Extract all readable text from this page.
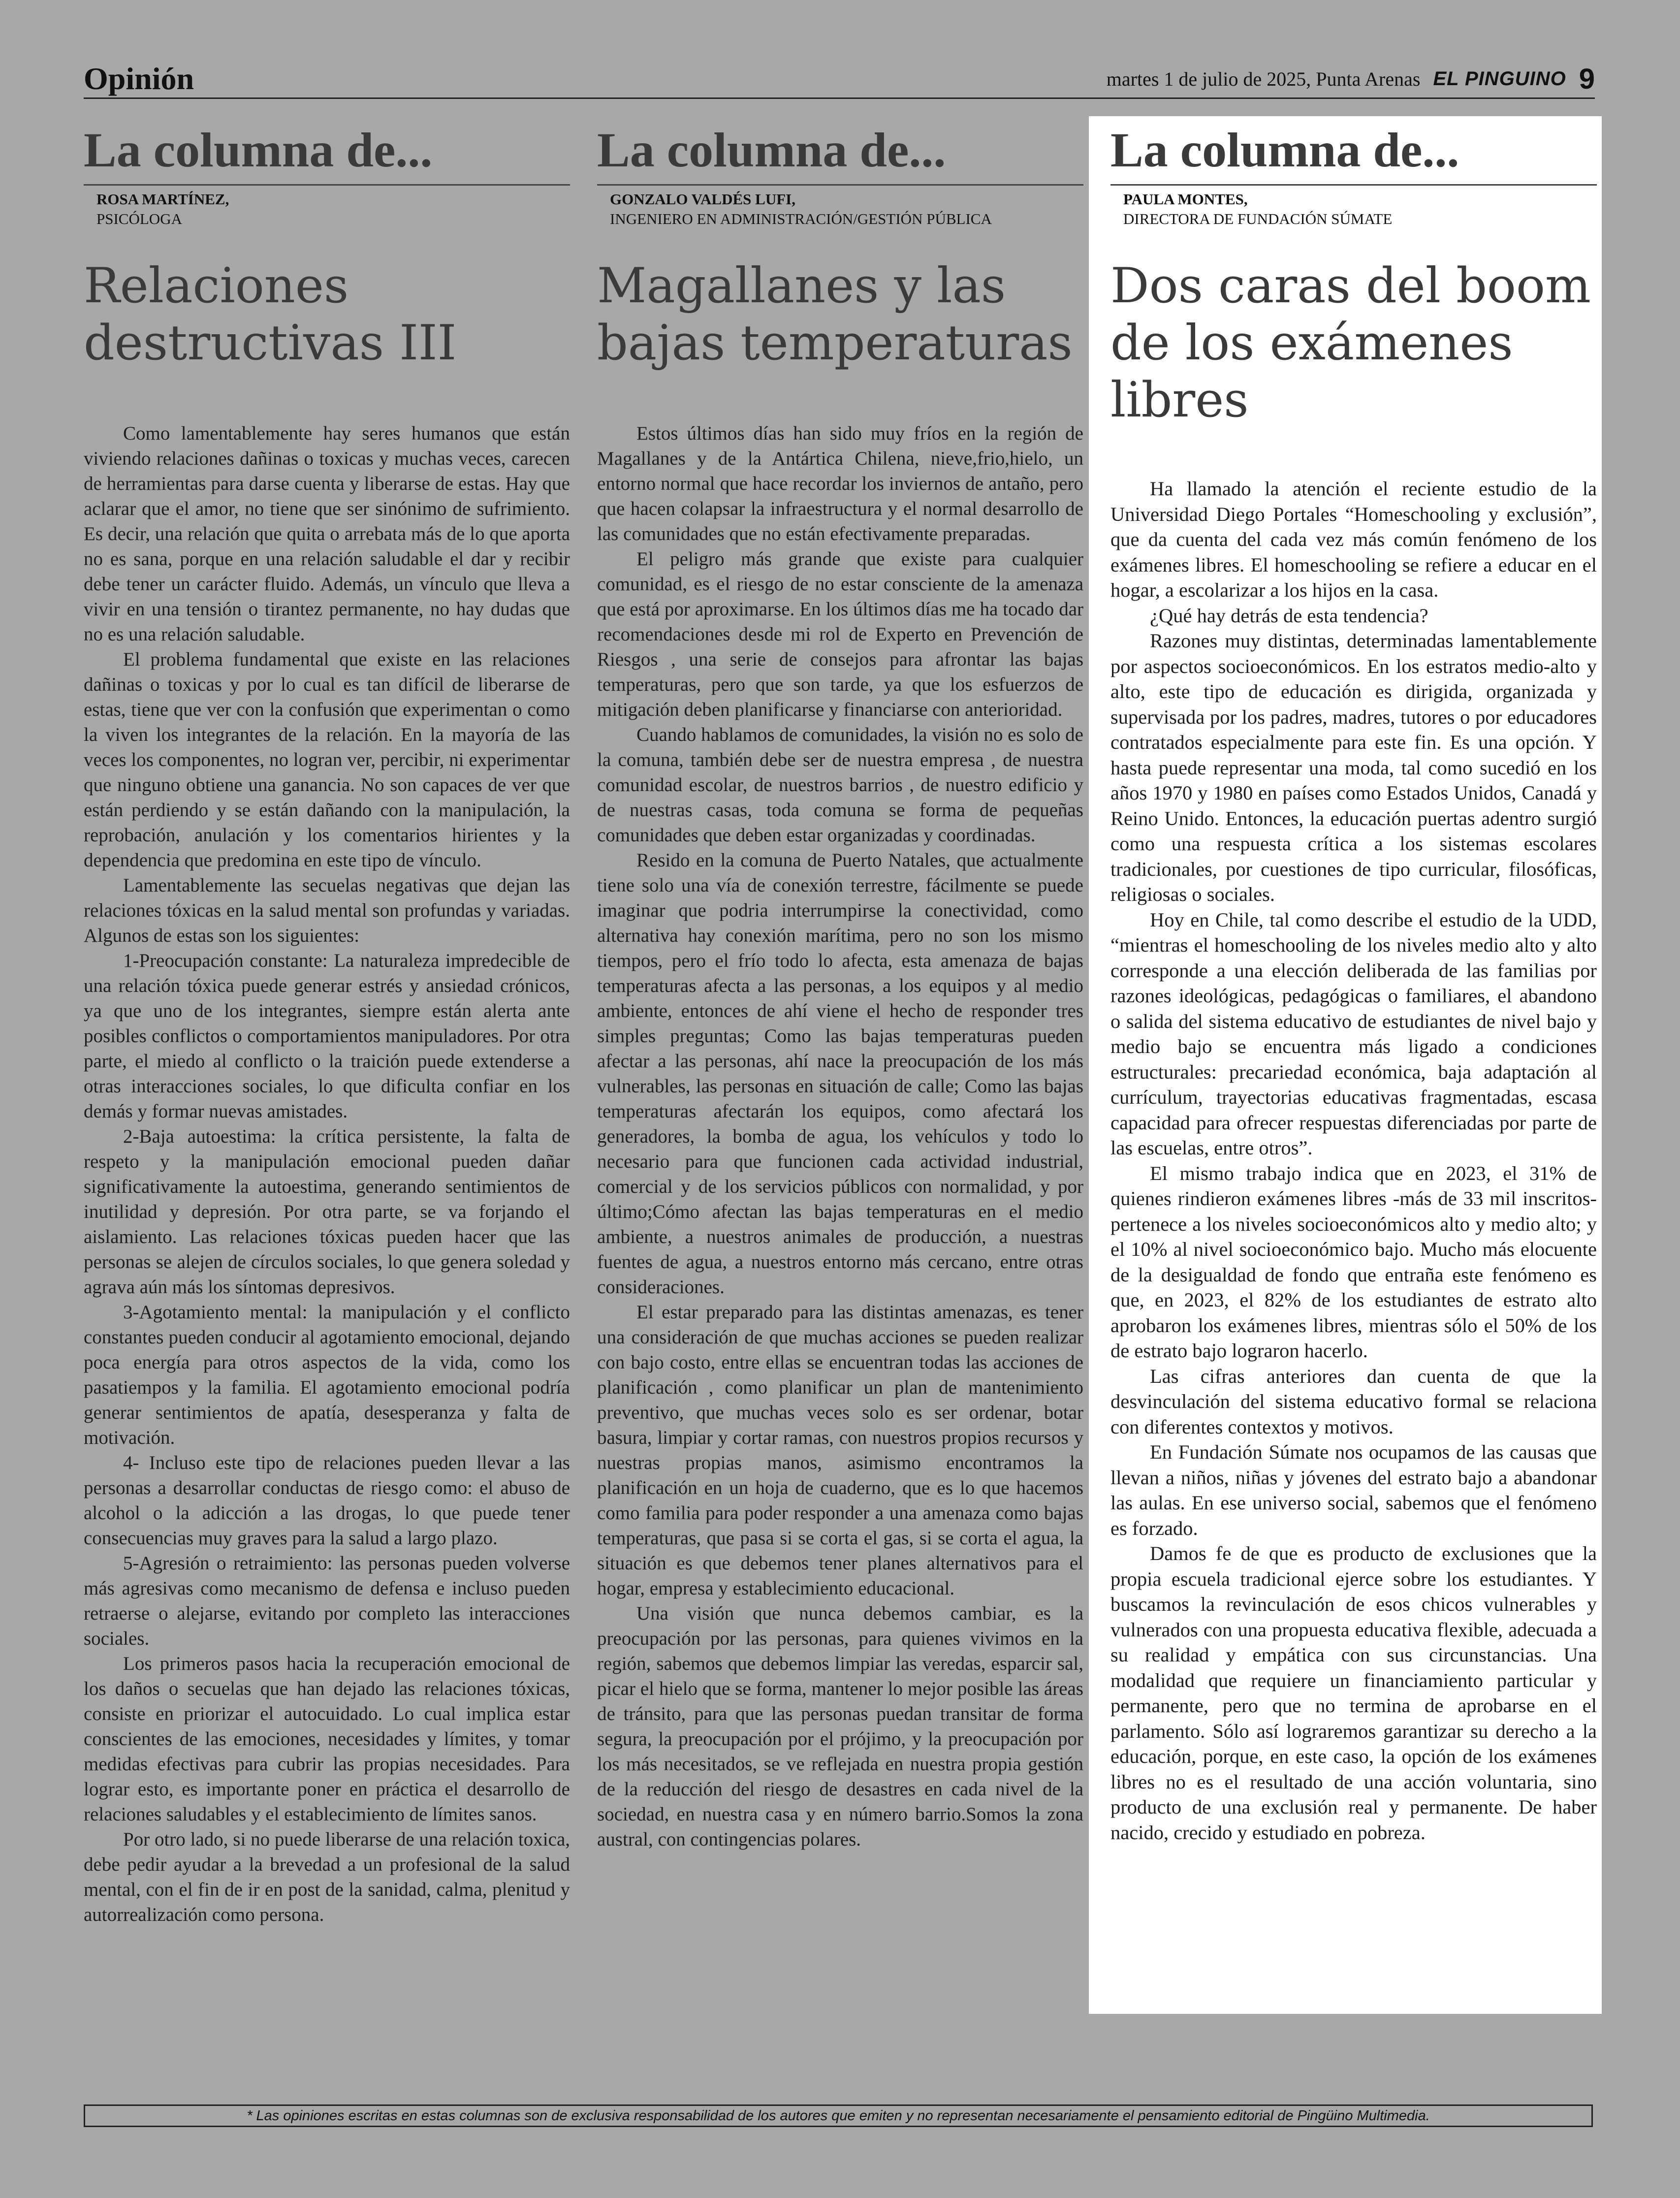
Opinión	martes 1 de julio de 2025, Punta Arenas EL PINGUINO 9
La columna de...
ROSA MARTÍNEZ,
PSICÓLOGA
Relaciones destructivas III

Como lamentablemente hay seres humanos que están viviendo relaciones dañinas o toxicas y muchas veces, carecen de herramientas para darse cuenta y liberarse de estas. Hay que aclarar que el amor, no tiene que ser sinónimo de sufrimiento. Es decir, una relación que quita o arrebata más de lo que aporta no es sana, porque en una relación saludable el dar y recibir debe tener un carácter fluido. Además, un vínculo que lleva a vivir en una tensión o tirantez permanente, no hay dudas que no es una relación saludable.

El problema fundamental que existe en las relaciones dañinas o toxicas y por lo cual es tan difícil de liberarse de estas, tiene que ver con la confusión que experimentan o como la viven los integrantes de la relación. En la mayoría de las veces los componentes, no logran ver, percibir, ni experimentar que ninguno obtiene una ganancia. No son capaces de ver que están perdiendo y se están dañando con la manipulación, la reprobación, anulación y los comentarios hirientes y la dependencia que predomina en este tipo de vínculo.

Lamentablemente las secuelas negativas que dejan las relaciones tóxicas en la salud mental son profundas y variadas. Algunos de estas son los siguientes:

1-Preocupación constante: La naturaleza impredecible de una relación tóxica puede generar estrés y ansiedad crónicos, ya que uno de los integrantes, siempre están alerta ante posibles conflictos o comportamientos manipuladores. Por otra parte, el miedo al conflicto o la traición puede extenderse a otras interacciones sociales, lo que dificulta confiar en los demás y formar nuevas amistades.

2-Baja autoestima: la crítica persistente, la falta de respeto y la manipulación emocional pueden dañar significativamente la autoestima, generando sentimientos de inutilidad y depresión. Por otra parte, se va forjando el aislamiento. Las relaciones tóxicas pueden hacer que las personas se alejen de círculos sociales, lo que genera soledad y agrava aún más los síntomas depresivos.

3-Agotamiento mental: la manipulación y el conflicto constantes pueden conducir al agotamiento emocional, dejando poca energía para otros aspectos de la vida, como los pasatiempos y la familia. El agotamiento emocional podría generar sentimientos de apatía, desesperanza y falta de motivación.

4- Incluso este tipo de relaciones pueden llevar a las personas a desarrollar conductas de riesgo como: el abuso de alcohol o la adicción a las drogas, lo que puede tener consecuencias muy graves para la salud a largo plazo.

5-Agresión o retraimiento: las personas pueden volverse más agresivas como mecanismo de defensa e incluso pueden retraerse o alejarse, evitando por completo las interacciones sociales.

Los primeros pasos hacia la recuperación emocional de los daños o secuelas que han dejado las relaciones tóxicas, consiste en priorizar el autocuidado. Lo cual implica estar conscientes de las emociones, necesidades y límites, y tomar medidas efectivas para cubrir las propias necesidades. Para lograr esto, es importante poner en práctica el desarrollo de relaciones saludables y el establecimiento de límites sanos.

Por otro lado, si no puede liberarse de una relación toxica, debe pedir ayudar a la brevedad a un profesional de la salud mental, con el fin de ir en post de la sanidad, calma, plenitud y autorrealización como persona.

La columna de...
GONZALO VALDÉS LUFI,
INGENIERO EN ADMINISTRACIÓN/GESTIÓN PÚBLICA
Magallanes y las bajas temperaturas

Estos últimos días han sido muy fríos en la región de Magallanes y de la Antártica Chilena, nieve,frio,hielo, un entorno normal que hace recordar los inviernos de antaño, pero que hacen colapsar la infraestructura y el normal desarrollo de las comunidades que no están efectivamente preparadas.

El peligro más grande que existe para cualquier comunidad, es el riesgo de no estar consciente de la amenaza que está por aproximarse. En los últimos días me ha tocado dar recomendaciones desde mi rol de Experto en Prevención de Riesgos , una serie de consejos para afrontar las bajas temperaturas, pero que son tarde, ya que los esfuerzos de mitigación deben planificarse y financiarse con anterioridad.

Cuando hablamos de comunidades, la visión no es solo de la comuna, también debe ser de nuestra empresa , de nuestra comunidad escolar, de nuestros barrios , de nuestro edificio y de nuestras casas, toda comuna se forma de pequeñas comunidades que deben estar organizadas y coordinadas.

Resido en la comuna de Puerto Natales, que actualmente tiene solo una vía de conexión terrestre, fácilmente se puede imaginar que podria interrumpirse la conectividad, como alternativa hay conexión marítima, pero no son los mismo tiempos, pero el frío todo lo afecta, esta amenaza de bajas temperaturas afecta a las personas, a los equipos y al medio ambiente, entonces de ahí viene el hecho de responder tres simples preguntas; Como las bajas temperaturas pueden afectar a las personas, ahí nace la preocupación de los más vulnerables, las personas en situación de calle; Como las bajas temperaturas afectarán los equipos, como afectará los generadores, la bomba de agua, los vehículos y todo lo necesario para que funcionen cada actividad industrial, comercial y de los servicios públicos con normalidad, y por último;Cómo afectan las bajas temperaturas en el medio ambiente, a nuestros animales de producción, a nuestras fuentes de agua, a nuestros entorno más cercano, entre otras consideraciones.

El estar preparado para las distintas amenazas, es tener una consideración de que muchas acciones se pueden realizar con bajo costo, entre ellas se encuentran todas las acciones de planificación , como planificar un plan de mantenimiento preventivo, que muchas veces solo es ser ordenar, botar basura, limpiar y cortar ramas, con nuestros propios recursos y nuestras propias manos, asimismo encontramos la planificación en un hoja de cuaderno, que es lo que hacemos como familia para poder responder a una amenaza como bajas temperaturas, que pasa si se corta el gas, si se corta el agua, la situación es que debemos tener planes alternativos para el hogar, empresa y establecimiento educacional.

Una visión que nunca debemos cambiar, es la preocupación por las personas, para quienes vivimos en la región, sabemos que debemos limpiar las veredas, esparcir sal, picar el hielo que se forma, mantener lo mejor posible las áreas de tránsito, para que las personas puedan transitar de forma segura, la preocupación por el prójimo, y la preocupación por los más necesitados, se ve reflejada en nuestra propia gestión de la reducción del riesgo de desastres en cada nivel de la sociedad, en nuestra casa y en número barrio.Somos la zona austral, con contingencias polares.

La columna de...
PAULA MONTES,
DIRECTORA DE FUNDACIÓN SÚMATE
Dos caras del boom de los exámenes libres

Ha llamado la atención el reciente estudio de la Universidad Diego Portales “Homeschooling y exclusión”, que da cuenta del cada vez más común fenómeno de los exámenes libres. El homeschooling se refiere a educar en el hogar, a escolarizar a los hijos en la casa.

¿Qué hay detrás de esta tendencia?

Razones muy distintas, determinadas lamentablemente por aspectos socioeconómicos. En los estratos medio-alto y alto, este tipo de educación es dirigida, organizada y supervisada por los padres, madres, tutores o por educadores contratados especialmente para este fin. Es una opción. Y hasta puede representar una moda, tal como sucedió en los años 1970 y 1980 en países como Estados Unidos, Canadá y Reino Unido. Entonces, la educación puertas adentro surgió como una respuesta crítica a los sistemas escolares tradicionales, por cuestiones de tipo curricular, filosóficas, religiosas o sociales.

Hoy en Chile, tal como describe el estudio de la UDD, “mientras el homeschooling de los niveles medio alto y alto corresponde a una elección deliberada de las familias por razones ideológicas, pedagógicas o familiares, el abandono o salida del sistema educativo de estudiantes de nivel bajo y medio bajo se encuentra más ligado a condiciones estructurales: precariedad económica, baja adaptación al currículum, trayectorias educativas fragmentadas, escasa capacidad para ofrecer respuestas diferenciadas por parte de las escuelas, entre otros”.

El mismo trabajo indica que en 2023, el 31% de quienes rindieron exámenes libres -más de 33 mil inscritos- pertenece a los niveles socioeconómicos alto y medio alto; y el 10% al nivel socioeconómico bajo. Mucho más elocuente de la desigualdad de fondo que entraña este fenómeno es que, en 2023, el 82% de los estudiantes de estrato alto aprobaron los exámenes libres, mientras sólo el 50% de los de estrato bajo lograron hacerlo.

Las cifras anteriores dan cuenta de que la desvinculación del sistema educativo formal se relaciona con diferentes contextos y motivos.

En Fundación Súmate nos ocupamos de las causas que llevan a niños, niñas y jóvenes del estrato bajo a abandonar las aulas. En ese universo social, sabemos que el fenómeno es forzado.

Damos fe de que es producto de exclusiones que la propia escuela tradicional ejerce sobre los estudiantes. Y buscamos la revinculación de esos chicos vulnerables y vulnerados con una propuesta educativa flexible, adecuada a su realidad y empática con sus circunstancias. Una modalidad que requiere un financiamiento particular y permanente, pero que no termina de aprobarse en el parlamento. Sólo así lograremos garantizar su derecho a la educación, porque, en este caso, la opción de los exámenes libres no es el resultado de una acción voluntaria, sino producto de una exclusión real y permanente. De haber nacido, crecido y estudiado en pobreza.

* Las opiniones escritas en estas columnas son de exclusiva responsabilidad de los autores que emiten y no representan necesariamente el pensamiento editorial de Pingüino Multimedia.
